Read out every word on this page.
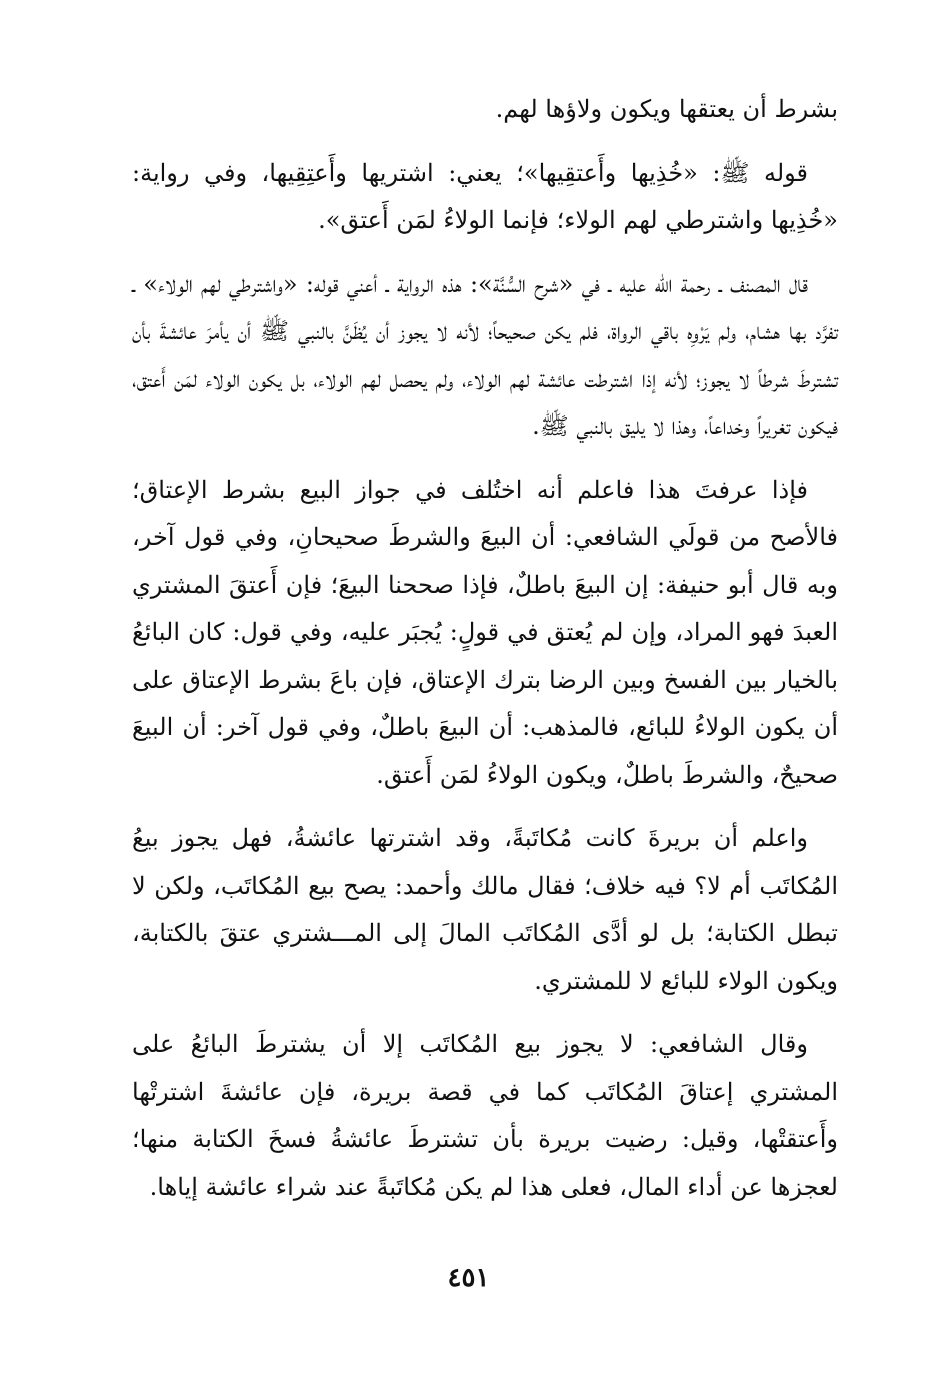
بشرط أن يعتقها ويكون ولاؤها لهم.

قوله ﷺ: «خُذِيها وأَعتقِيها»؛ يعني: اشتريها وأَعتِقِيها، وفي رواية: «خُذِيها واشترطي لهم الولاء؛ فإنما الولاءُ لمَن أَعتق».

قال المصنف ـ رحمة الله عليه ـ في «شرح السُّنَّة»: هذه الرواية ـ أعني قوله: «واشترطي لهم الولاء» ـ تفرَّد بها هشام، ولم يَرْوِه باقي الرواة، فلم يكن صحيحاً؛ لأنه لا يجوز أن يُظَنَّ بالنبي ﷺ أن يأمرَ عائشةَ بأن تشترطَ شرطاً لا يجوز؛ لأنه إذا اشترطت عائشة لهم الولاء، ولم يحصل لهم الولاء، بل يكون الولاء لمَن أَعتق، فيكون تغريراً وخداعاً، وهذا لا يليق بالنبي ﷺ.

فإذا عرفتَ هذا فاعلم أنه اختُلف في جواز البيع بشرط الإعتاق؛ فالأصح من قولَي الشافعي: أن البيعَ والشرطَ صحيحانِ، وفي قول آخر، وبه قال أبو حنيفة: إن البيعَ باطلٌ، فإذا صححنا البيعَ؛ فإن أَعتقَ المشتري العبدَ فهو المراد، وإن لم يُعتق في قولٍ: يُجبَر عليه، وفي قول: كان البائعُ بالخيار بين الفسخ وبين الرضا بترك الإعتاق، فإن باعَ بشرط الإعتاق على أن يكون الولاءُ للبائع، فالمذهب: أن البيعَ باطلٌ، وفي قول آخر: أن البيعَ صحيحٌ، والشرطَ باطلٌ، ويكون الولاءُ لمَن أَعتق.

واعلم أن بريرةَ كانت مُكاتَبةً، وقد اشترتها عائشةُ، فهل يجوز بيعُ المُكاتَب أم لا؟ فيه خلاف؛ فقال مالك وأحمد: يصح بيع المُكاتَب، ولكن لا تبطل الكتابة؛ بل لو أدَّى المُكاتَب المالَ إلى المـــشتري عتقَ بالكتابة، ويكون الولاء للبائع لا للمشتري.

وقال الشافعي: لا يجوز بيع المُكاتَب إلا أن يشترطَ البائعُ على المشتري إعتاقَ المُكاتَب كما في قصة بريرة، فإن عائشةَ اشترتْها وأَعتقتْها، وقيل: رضيت بريرة بأن تشترطَ عائشةُ فسخَ الكتابة منها؛ لعجزها عن أداء المال، فعلى هذا لم يكن مُكاتَبةً عند شراء عائشة إياها.

٤٥١
